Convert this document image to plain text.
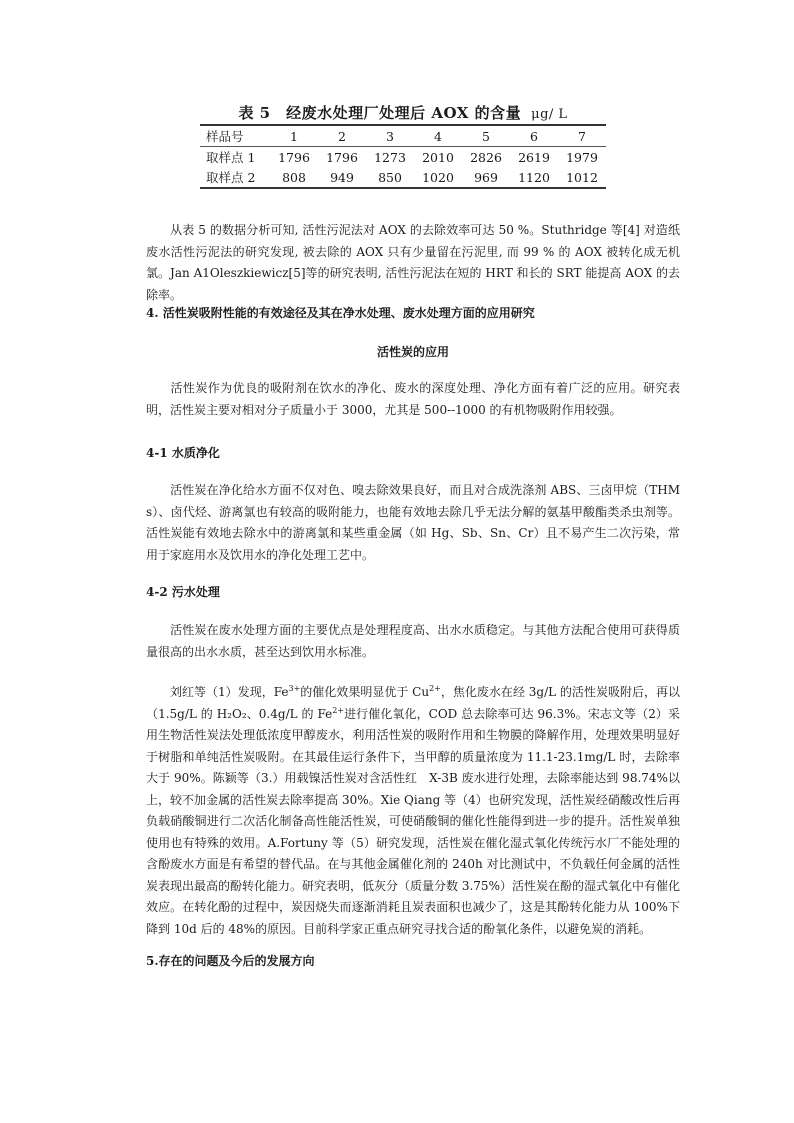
表 5　经废水处理厂处理后 AOX 的含量 μg/ L
样品号	1	2	3	4	5	6	7
取样点 1	1796	1796	1273	2010	2826	2619	1979
取样点 2	808	949	850	1020	969	1120	1012
从表 5 的数据分析可知, 活性污泥法对 AOX 的去除效率可达 50 %。Stuthridge 等[4] 对造纸废水活性污泥法的研究发现, 被去除的 AOX 只有少量留在污泥里, 而 99 % 的 AOX 被转化成无机氯。Jan A1Oleszkiewicz[5]等的研究表明, 活性污泥法在短的 HRT 和长的 SRT 能提高 AOX 的去除率。
4. 活性炭吸附性能的有效途径及其在净水处理、废水处理方面的应用研究
活性炭的应用
活性炭作为优良的吸附剂在饮水的净化、废水的深度处理、净化方面有着广泛的应用。研究表明，活性炭主要对相对分子质量小于 3000，尤其是 500--1000 的有机物吸附作用较强。
4-1 水质净化
活性炭在净化给水方面不仅对色、嗅去除效果良好，而且对合成洗涤剂 ABS、三卤甲烷（THMs）、卤代烃、游离氯也有较高的吸附能力，也能有效地去除几乎无法分解的氨基甲酸酯类杀虫剂等。活性炭能有效地去除水中的游离氯和某些重金属（如 Hg、Sb、Sn、Cr）且不易产生二次污染，常用于家庭用水及饮用水的净化处理工艺中。
4-2 污水处理
活性炭在废水处理方面的主要优点是处理程度高、出水水质稳定。与其他方法配合使用可获得质量很高的出水水质，甚至达到饮用水标准。
刘红等（1）发现，$Fe^{3+}$的催化效果明显优于 $Cu^{2+}$，焦化废水在经 3g/L 的活性炭吸附后，再以（1.5g/L 的 H₂O₂、0.4g/L 的 $Fe^{2+}$进行催化氧化，COD 总去除率可达 96.3%。宋志文等（2）采用生物活性炭法处理低浓度甲醇废水，利用活性炭的吸附作用和生物膜的降解作用，处理效果明显好于树脂和单纯活性炭吸附。在其最佳运行条件下，当甲醇的质量浓度为 11.1-23.1mg/L 时，去除率大于 90%。陈颖等（3.）用载镍活性炭对含活性红　X-3B 废水进行处理，去除率能达到 98.74%以上，较不加金属的活性炭去除率提高 30%。Xie Qiang 等（4）也研究发现，活性炭经硝酸改性后再负载硝酸铜进行二次活化制备高性能活性炭，可使硝酸铜的催化性能得到进一步的提升。活性炭单独使用也有特殊的效用。A.Fortuny 等（5）研究发现，活性炭在催化湿式氧化传统污水厂不能处理的含酚废水方面是有希望的替代品。在与其他金属催化剂的 240h 对比测试中，不负载任何金属的活性炭表现出最高的酚转化能力。研究表明，低灰分（质量分数 3.75%）活性炭在酚的湿式氧化中有催化效应。在转化酚的过程中，炭因烧失而逐渐消耗且炭表面积也减少了，这是其酚转化能力从 100%下降到 10d 后的 48%的原因。目前科学家正重点研究寻找合适的酚氧化条件，以避免炭的消耗。
5.存在的问题及今后的发展方向
